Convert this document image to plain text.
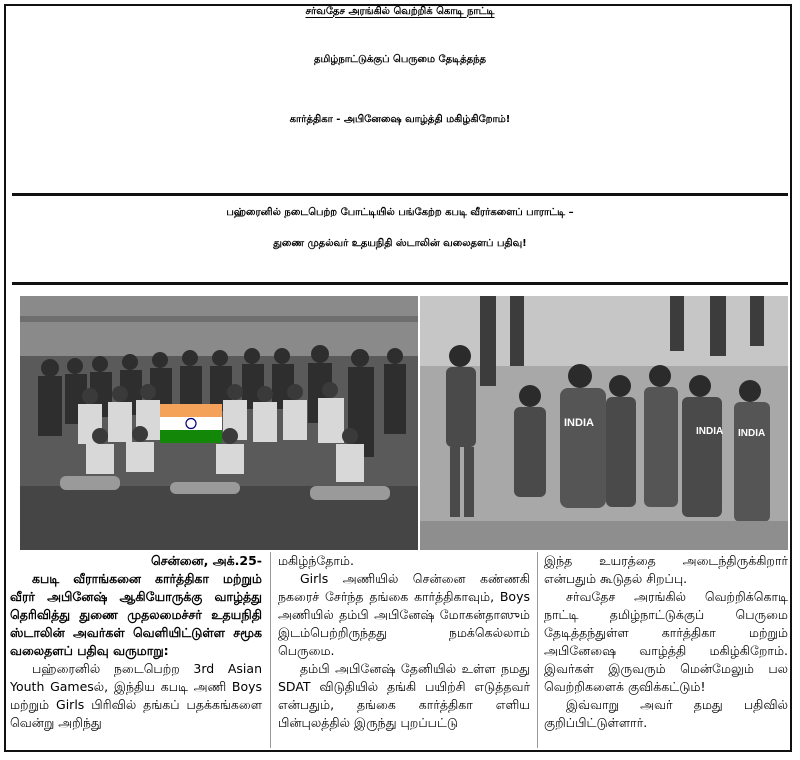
சர்வதேச அரங்கில் வெற்றிக் கொடி நாட்டி
தமிழ்நாட்டுக்குப் பெருமை தேடித்தந்த
கார்த்திகா - அபினேஷை வாழ்த்தி மகிழ்கிறோம்!
பஹ்ரைனில் நடைபெற்ற போட்டியில் பங்கேற்ற கபடி வீரர்களைப் பாராட்டி –
துணை முதல்வர் உதயநிதி ஸ்டாலின் வலைதளப் பதிவு!
INDIA
INDIA INDIA

சென்னை, அக்.25-

கபடி வீராங்கனை கார்த்திகா மற்றும் வீரர் அபினேஷ் ஆகியோருக்கு வாழ்த்து தெரிவித்து துணை முதலமைச்சர் உதயநிதி ஸ்டாலின் அவர்கள் வெளியிட்டுள்ள சமூக வலைதளப் பதிவு வருமாறு:

பஹ்ரைனில் நடைபெற்ற 3rd Asian Youth Gamesல், இந்திய கபடி அணி Boys மற்றும் Girls பிரிவில் தங்கப் பதக்கங்களை வென்று அறிந்து

மகிழ்ந்தோம்.

Girls அணியில் சென்னை கண்ணகி நகரைச் சேர்ந்த தங்கை கார்த்திகாவும், Boys அணியில் தம்பி அபினேஷ் மோகன்தாஸும் இடம்பெற்றிருந்தது நமக்கெல்லாம் பெருமை.

தம்பி அபினேஷ் தேனியில் உள்ள நமது SDAT விடுதியில் தங்கி பயிற்சி எடுத்தவர் என்பதும், தங்கை கார்த்திகா எளிய பின்புலத்தில் இருந்து புறப்பட்டு

இந்த உயரத்தை அடைந்திருக்கிறார் என்பதும் கூடுதல் சிறப்பு.

சர்வதேச அரங்கில் வெற்றிக்கொடி நாட்டி தமிழ்நாட்டுக்குப் பெருமை தேடித்தந்துள்ள கார்த்திகா மற்றும் அபினேஷை வாழ்த்தி மகிழ்கிறோம். இவர்கள் இருவரும் மென்மேலும் பல வெற்றிகளைக் குவிக்கட்டும்!

இவ்வாறு அவர் தமது பதிவில் குறிப்பிட்டுள்ளார்.
